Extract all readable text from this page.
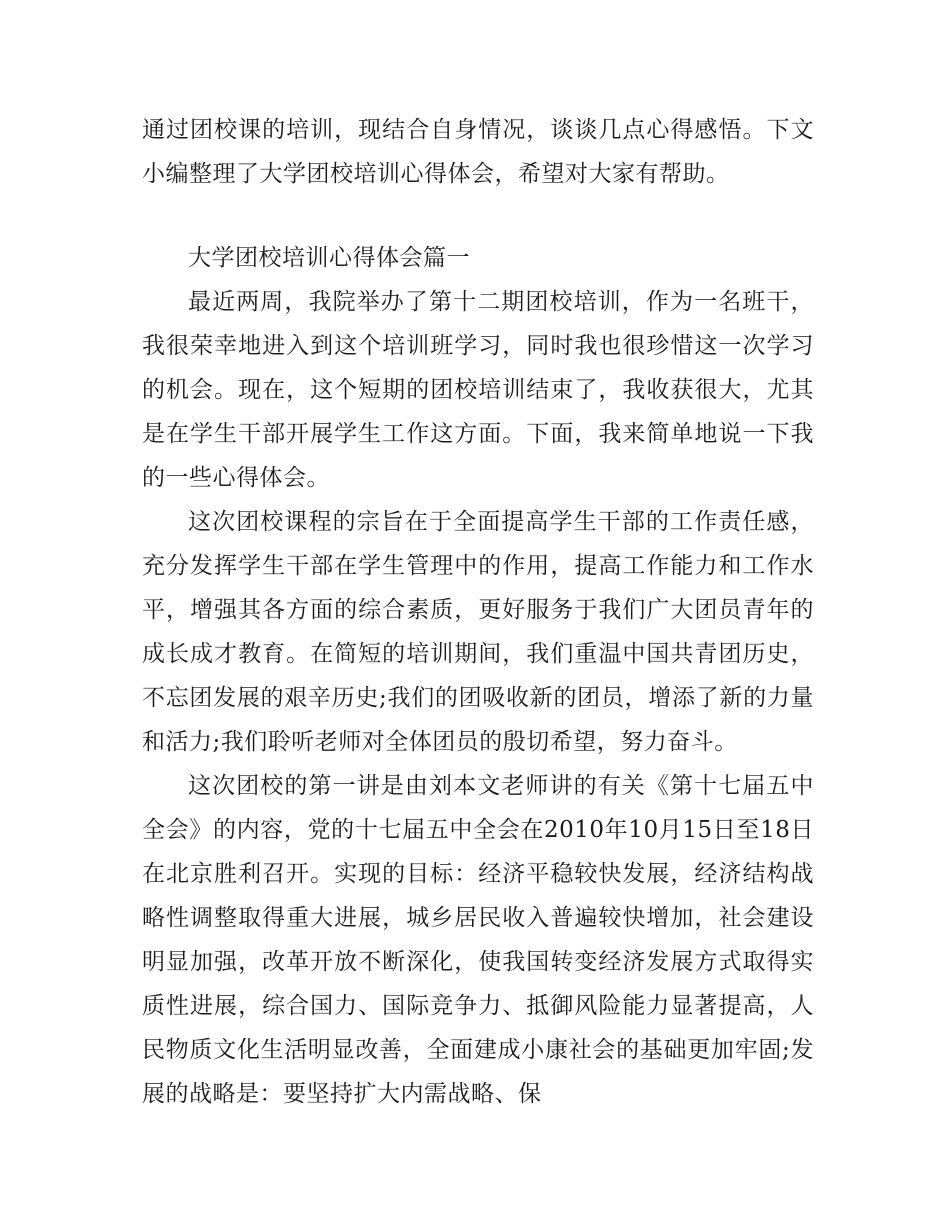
通过团校课的培训，现结合自身情况，谈谈几点心得感悟。下文小编整理了大学团校培训心得体会，希望对大家有帮助。

大学团校培训心得体会篇一

最近两周，我院举办了第十二期团校培训，作为一名班干，我很荣幸地进入到这个培训班学习，同时我也很珍惜这一次学习的机会。现在，这个短期的团校培训结束了，我收获很大，尤其是在学生干部开展学生工作这方面。下面，我来简单地说一下我的一些心得体会。

这次团校课程的宗旨在于全面提高学生干部的工作责任感，充分发挥学生干部在学生管理中的作用，提高工作能力和工作水平，增强其各方面的综合素质，更好服务于我们广大团员青年的成长成才教育。在简短的培训期间，我们重温中国共青团历史，不忘团发展的艰辛历史;我们的团吸收新的团员，增添了新的力量和活力;我们聆听老师对全体团员的殷切希望，努力奋斗。

这次团校的第一讲是由刘本文老师讲的有关《第十七届五中全会》的内容，党的十七届五中全会在2010年10月15日至18日在北京胜利召开。实现的目标：经济平稳较快发展，经济结构战略性调整取得重大进展，城乡居民收入普遍较快增加，社会建设明显加强，改革开放不断深化，使我国转变经济发展方式取得实质性进展，综合国力、国际竞争力、抵御风险能力显著提高，人民物质文化生活明显改善，全面建成小康社会的基础更加牢固;发展的战略是：要坚持扩大内需战略、保
